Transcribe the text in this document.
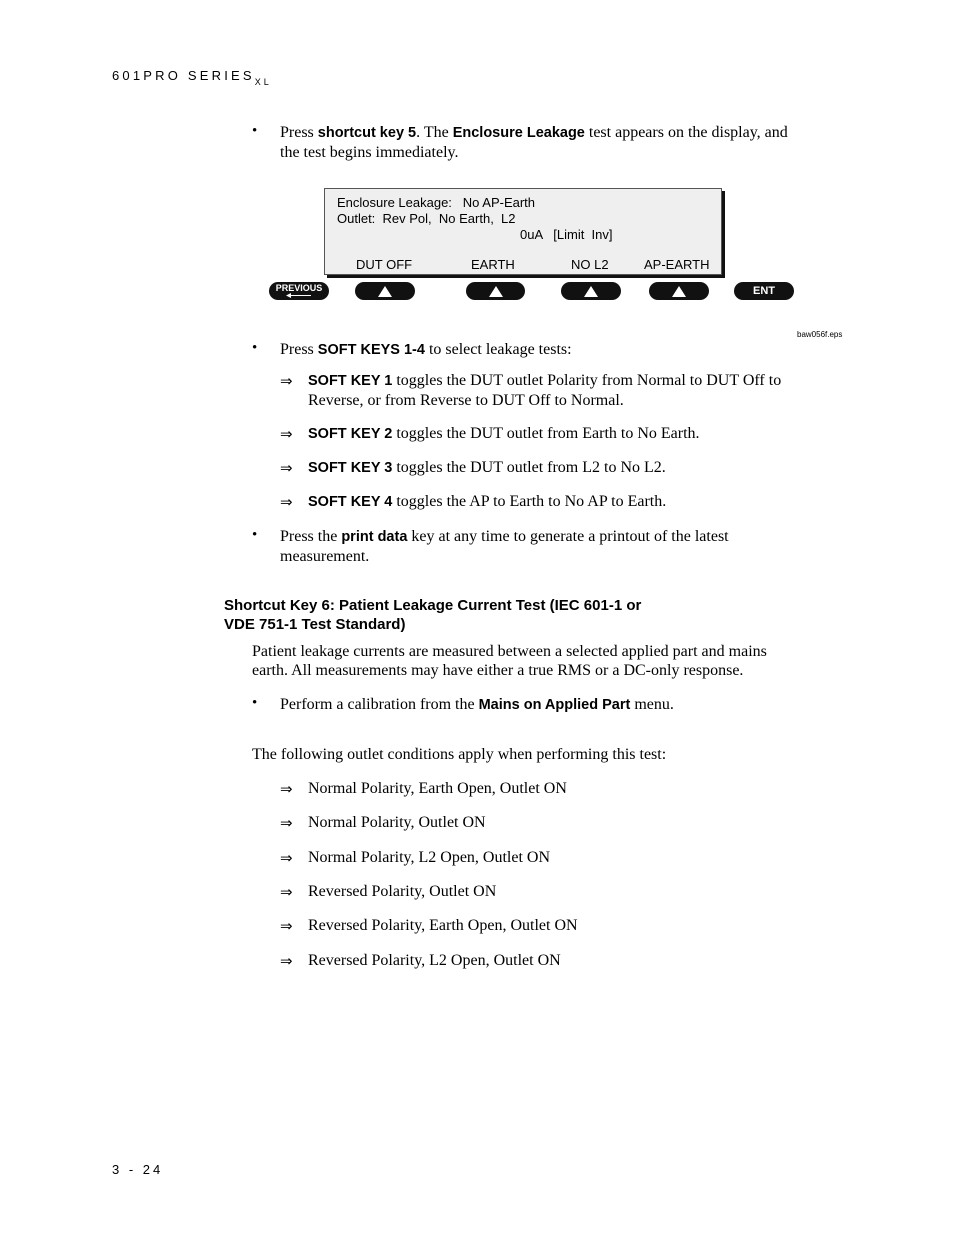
601PRO $SERIES_{XL}$
• Press shortcut key 5. The Enclosure Leakage test appears on the display, and
the test begins immediately.
Enclosure Leakage: No AP-Earth
Outlet: Rev Pol,  No Earth,  L2
0uA [Limit  Inv]
DUT OFF	EARTH	NO L2	AP-EARTH
PREVIOUS	ENT
baw056f.eps
• Press SOFT KEYS 1-4 to select leakage tests:
⇒ SOFT KEY 1 toggles the DUT outlet Polarity from Normal to DUT Off to
Reverse, or from Reverse to DUT Off to Normal.
⇒ SOFT KEY 2 toggles the DUT outlet from Earth to No Earth.
⇒ SOFT KEY 3 toggles the DUT outlet from L2 to No L2.
⇒ SOFT KEY 4 toggles the AP to Earth to No AP to Earth.
• Press the print data key at any time to generate a printout of the latest
measurement.
Shortcut Key 6: Patient Leakage Current Test (IEC 601-1 or
VDE 751-1 Test Standard)
Patient leakage currents are measured between a selected applied part and mains
earth. All measurements may have either a true RMS or a DC-only response.
• Perform a calibration from the Mains on Applied Part menu.
The following outlet conditions apply when performing this test:
⇒ Normal Polarity, Earth Open, Outlet ON
⇒ Normal Polarity, Outlet ON
⇒ Normal Polarity, L2 Open, Outlet ON
⇒ Reversed Polarity, Outlet ON
⇒ Reversed Polarity, Earth Open, Outlet ON
⇒ Reversed Polarity, L2 Open, Outlet ON
3 - 24
